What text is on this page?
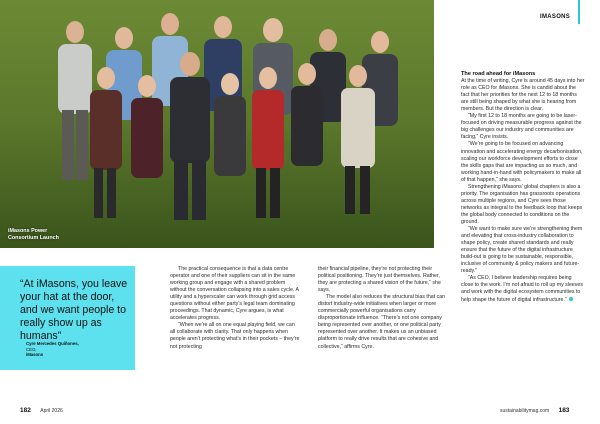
iMasons Power
Consortium Launch
IMASONS
“At iMasons, you leave your hat at the door, and we want people to really show up as humans”
Cyre Mercedes Quiñones,
CEO,
iMasons

The practical consequence is that a data centre operator and one of their suppliers can sit in the same working group and engage with a shared problem without the conversation collapsing into a sales cycle. A utility and a hyperscaler can work through grid access questions without either party’s legal team dominating proceedings. That dynamic, Cyre argues, is what accelerates progress.

“When we’re all on one equal playing field, we can all collaborate with clarity. That only happens when people aren’t protecting what’s in their pockets – they’re not protecting

their financial pipeline, they’re not protecting their political positioning. They’re just themselves. Rather, they are protecting a shared vision of the future,” she says.

The model also reduces the structural bias that can distort industry-wide initiatives when larger or more commercially powerful organisations carry disproportionate influence. “There’s not one company being represented over another, or one political party represented over another. It makes us an unbiased platform to really drive results that are cohesive and collective,” affirms Cyre.

The road ahead for iMasons

At the time of writing, Cyre is around 45 days into her role as CEO for iMasons. She is candid about the fact that her priorities for the next 12 to 18 months are still being shaped by what she is hearing from members. But the direction is clear.

“My first 12 to 18 months are going to be laser-focused on driving measurable progress against the big challenges our industry and communities are facing,” Cyre insists.

“We’re going to be focused on advancing innovation and accelerating energy decarbonisation, scaling our workforce development efforts to close the skills gaps that are impacting us so much, and working hand-in-hand with policymakers to make all of that happen,” she says.

Strengthening iMasons’ global chapters is also a priority. The organisation has grassroots operations across multiple regions, and Cyre sees those networks as integral to the feedback loop that keeps the global body connected to conditions on the ground.

“We want to make sure we’re strengthening them and elevating that cross-industry collaboration to shape policy, create shared standards and really ensure that the future of the digital infrastructure build-out is going to be sustainable, responsible, inclusive of community & policy makers and future-ready.”

“As CEO, I believe leadership requires being close to the work. I’m not afraid to roll up my sleeves and work with the digital ecosystem communities to help shape the future of digital infrastructure.”

182 April 2026	sustainabilitymag.com 183
